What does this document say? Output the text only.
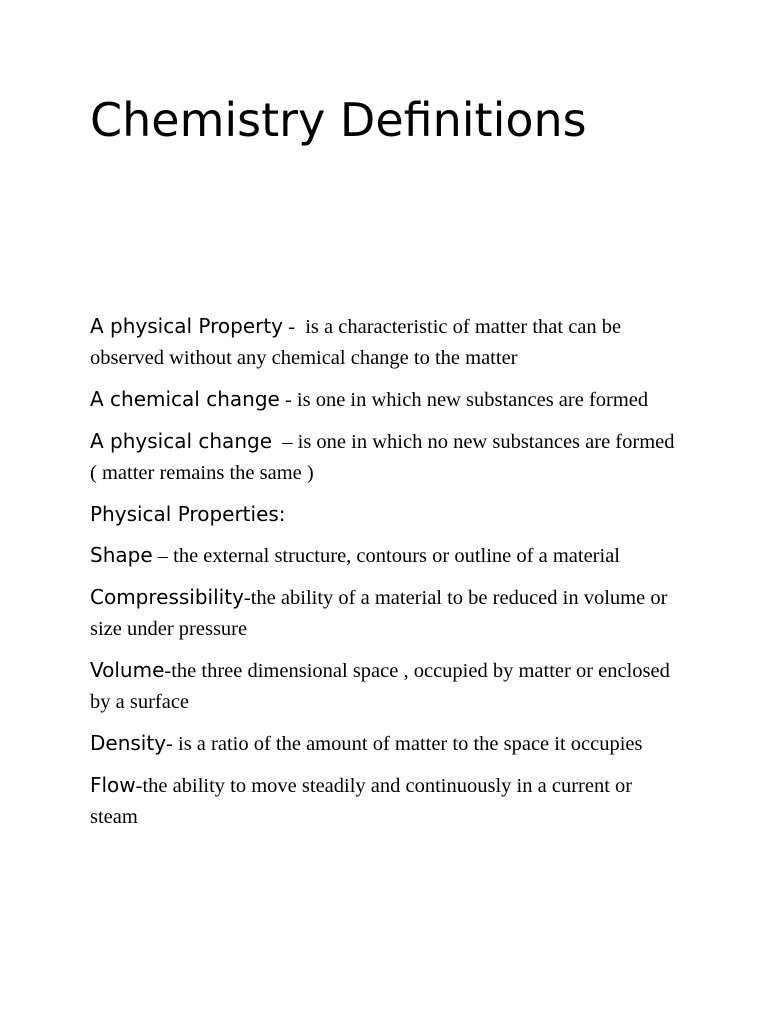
Chemistry Definitions

A physical Property -  is a characteristic of matter that can be observed without any chemical change to the matter

A chemical change - is one in which new substances are formed

A physical change  – is one in which no new substances are formed ( matter remains the same )

Physical Properties:

Shape – the external structure, contours or outline of a material

Compressibility-the ability of a material to be reduced in volume or size under pressure

Volume-the three dimensional space , occupied by matter or enclosed by a surface

Density- is a ratio of the amount of matter to the space it occupies

Flow-the ability to move steadily and continuously in a current or steam
